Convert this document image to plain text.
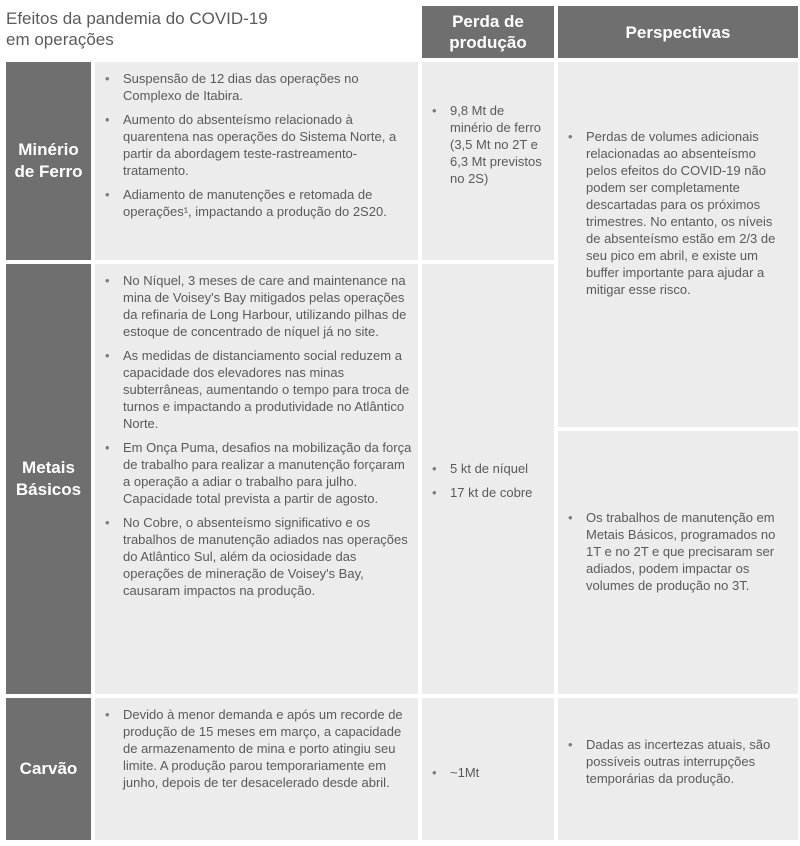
Efeitos da pandemia do COVID-19
em operações
Perda de
produção
Perspectivas
Minério
de Ferro
• Suspensão de 12 dias das operações no Complexo de Itabira.
• Aumento do absenteísmo relacionado à quarentena nas operações do Sistema Norte, a partir da abordagem teste-rastreamento-tratamento.
• Adiamento de manutenções e retomada de operações¹, impactando a produção do 2S20.
• 9,8 Mt de minério de ferro (3,5 Mt no 2T e 6,3 Mt previstos no 2S)
• Perdas de volumes adicionais relacionadas ao absenteísmo pelos efeitos do COVID-19 não podem ser completamente descartadas para os próximos trimestres. No entanto, os níveis de absenteísmo estão em 2/3 de seu pico em abril, e existe um buffer importante para ajudar a mitigar esse risco.
Metais
Básicos
• No Níquel, 3 meses de care and maintenance na mina de Voisey's Bay mitigados pelas operações da refinaria de Long Harbour, utilizando pilhas de estoque de concentrado de níquel já no site.
• As medidas de distanciamento social reduzem a capacidade dos elevadores nas minas subterrâneas, aumentando o tempo para troca de turnos e impactando a produtividade no Atlântico Norte.
• Em Onça Puma, desafios na mobilização da força de trabalho para realizar a manutenção forçaram a operação a adiar o trabalho para julho. Capacidade total prevista a partir de agosto.
• No Cobre, o absenteísmo significativo e os trabalhos de manutenção adiados nas operações do Atlântico Sul, além da ociosidade das operações de mineração de Voisey's Bay, causaram impactos na produção.
• 5 kt de níquel
• 17 kt de cobre
• Os trabalhos de manutenção em Metais Básicos, programados no 1T e no 2T e que precisaram ser adiados, podem impactar os volumes de produção no 3T.
Carvão
• Devido à menor demanda e após um recorde de produção de 15 meses em março, a capacidade de armazenamento de mina e porto atingiu seu limite. A produção parou temporariamente em junho, depois de ter desacelerado desde abril.
• ~1Mt
• Dadas as incertezas atuais, são possíveis outras interrupções temporárias da produção.
